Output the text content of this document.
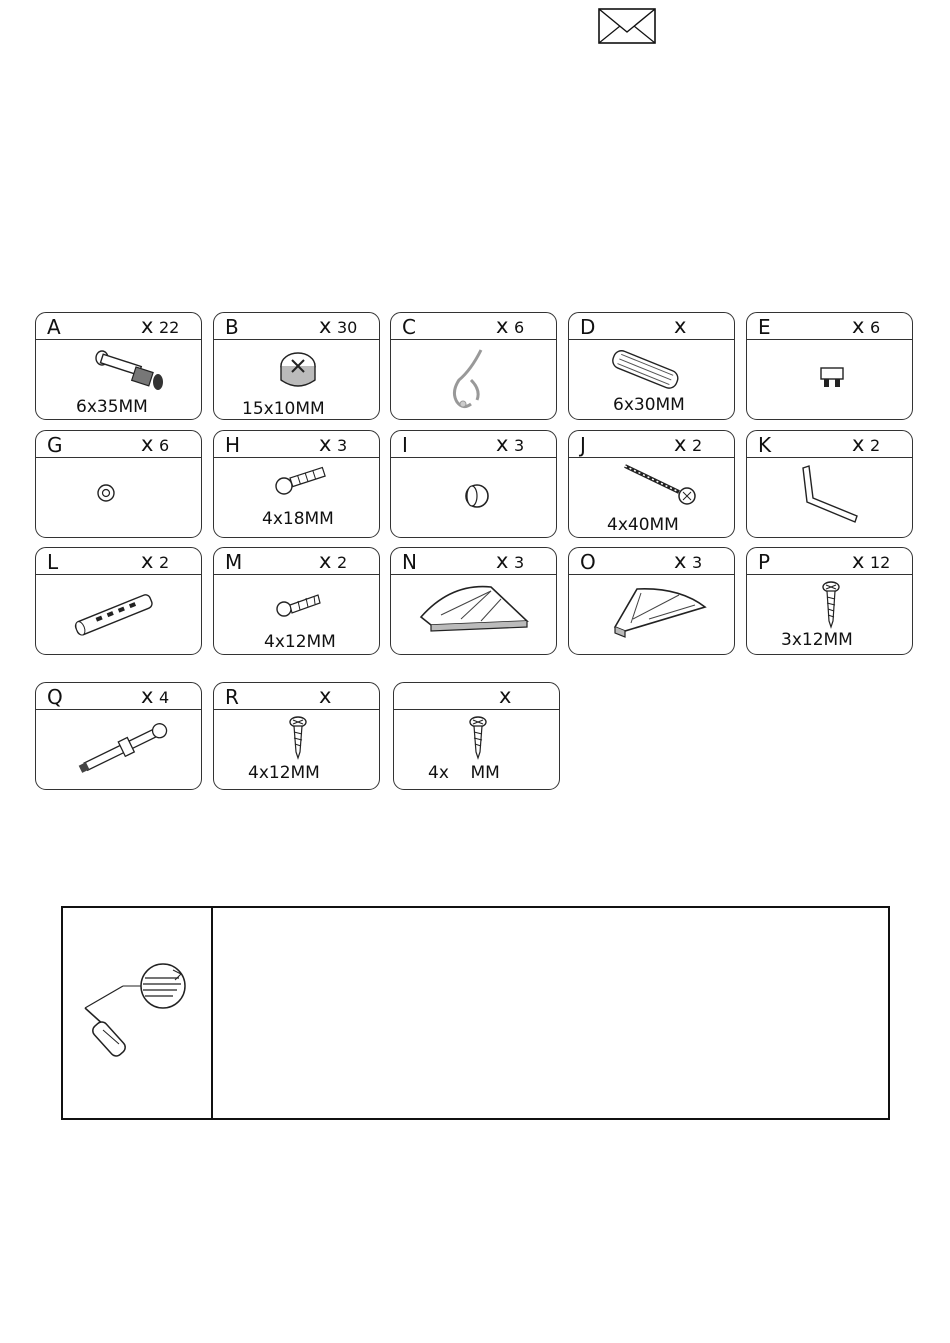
A	x 22
6x35MM
B	x 30
15x10MM
C	x 6	D	x
6x30MM
E	x 6
G	x 6	H	x 3
4x18MM
I	x 3	J	x 2
4x40MM
K	x 2
L	x 2	M	x 2
4x12MM
N	x 3	O	x 3	P	x 12
3x12MM
Q	x 4	R	x
4x12MM
x
4x    MM
